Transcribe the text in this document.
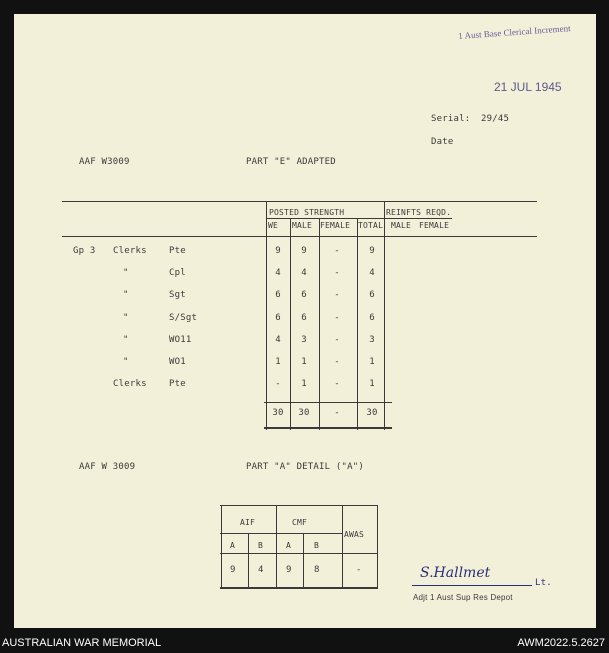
1 Aust Base Clerical Increment
21 JUL 1945
Serial: 29/45
Date
AAF W3009	PART "E" ADAPTED
POSTED STRENGTH	REINFTS REQD.
WE MALE FEMALE TOTAL MALE FEMALE
Gp 3 Clerks Pte	9	9	-	9
"	Cpl	4	4	-	4
"	Sgt	6	6	-	6
"	S/Sgt	6	6	-	6
"	WO11	4	3	-	3
"	WO1	1	1	-	1
Clerks Pte	-	1	-	1
30	30	-	30
AAF W 3009	PART "A" DETAIL ("A")
AIF	CMF
AWAS
A	B	A	B
9 4 9 8	-	S.Hallmet
Lt.
Adjt 1 Aust Sup Res Depot
AUSTRALIAN WAR MEMORIAL	AWM2022.5.2627
